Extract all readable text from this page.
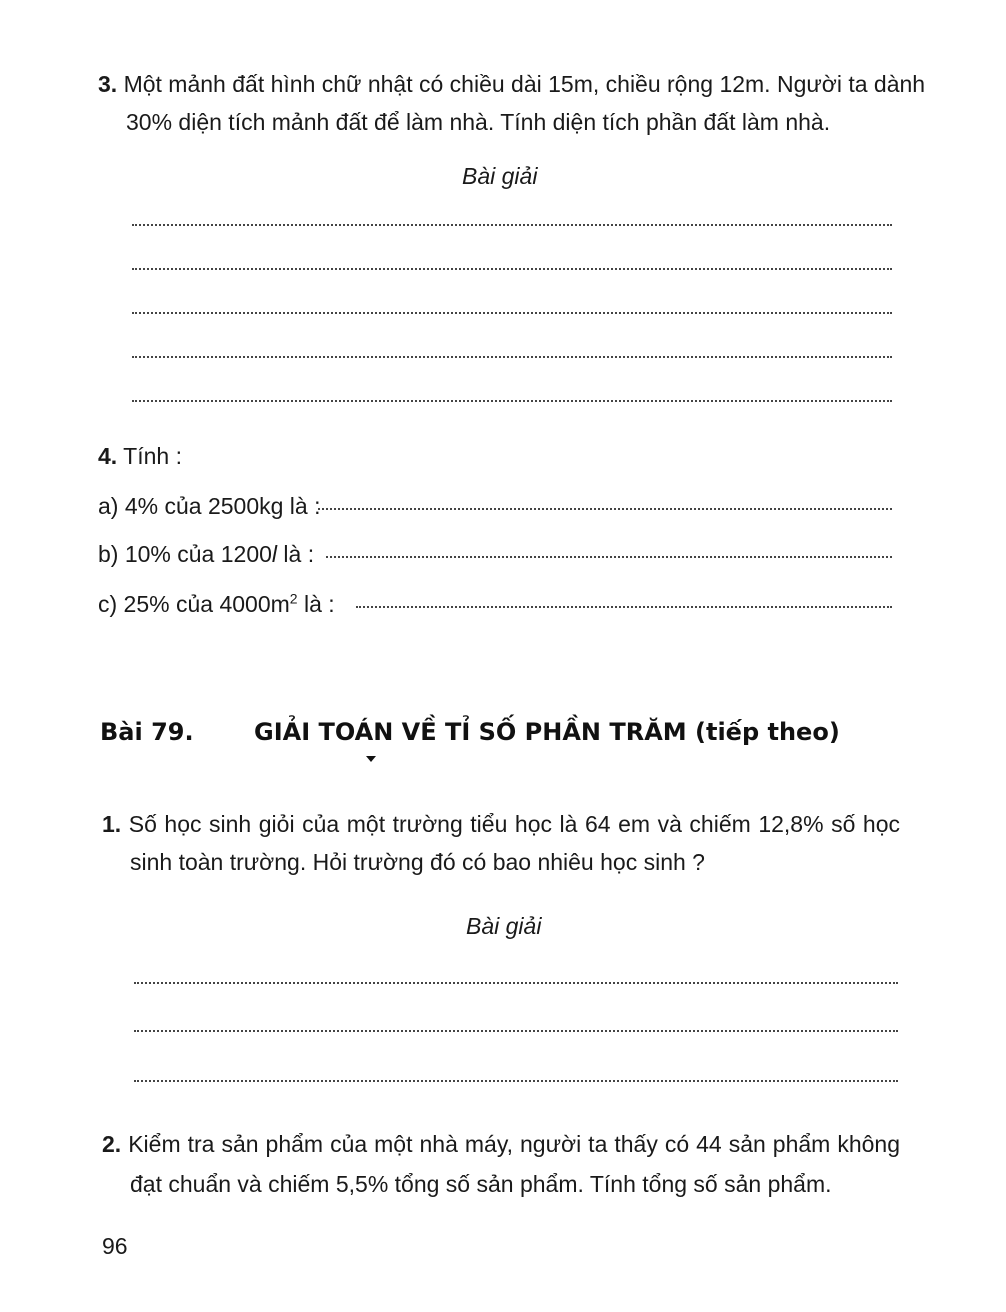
3. Một mảnh đất hình chữ nhật có chiều dài 15m, chiều rộng 12m. Người ta dành
30% diện tích mảnh đất để làm nhà. Tính diện tích phần đất làm nhà.
Bài giải
4. Tính :
a) 4% của 2500kg là :
b) 10% của 1200l là :
c) 25% của $4000m^2$ là :
Bài 79.	GIẢI TOÁN VỀ TỈ SỐ PHẦN TRĂM (tiếp theo)
1. Số học sinh giỏi của một trường tiểu học là 64 em và chiếm 12,8% số học
sinh toàn trường. Hỏi trường đó có bao nhiêu học sinh ?
Bài giải
2. Kiểm tra sản phẩm của một nhà máy, người ta thấy có 44 sản phẩm không
đạt chuẩn và chiếm 5,5% tổng số sản phẩm. Tính tổng số sản phẩm.
96
